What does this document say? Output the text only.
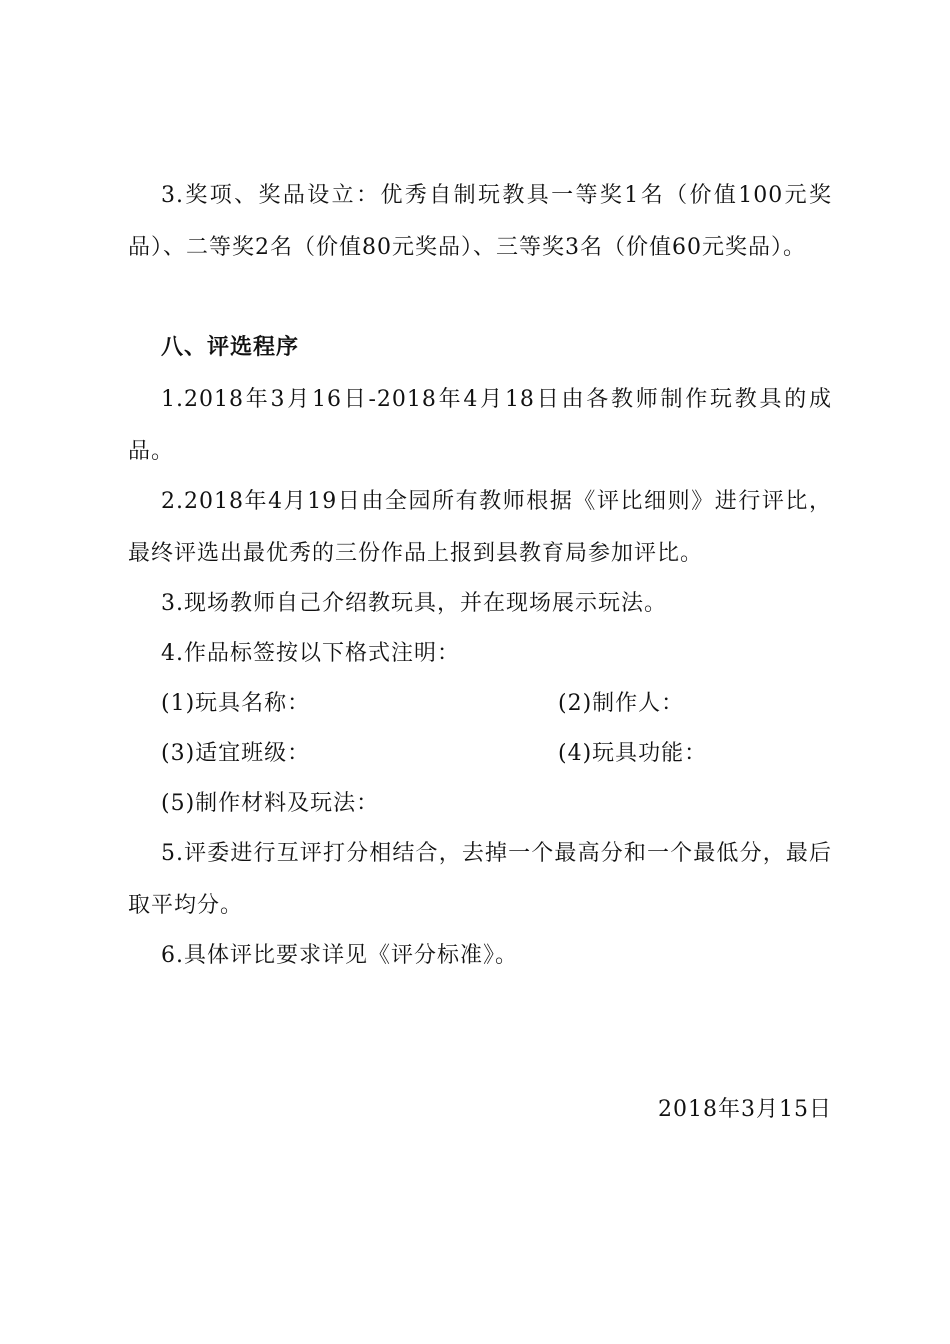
3.奖项、奖品设立：优秀自制玩教具一等奖1名（价值100元奖品）、二等奖2名（价值80元奖品）、三等奖3名（价值60元奖品）。

八、评选程序

1.2018年3月16日-2018年4月18日由各教师制作玩教具的成品。

2.2018年4月19日由全园所有教师根据《评比细则》进行评比，最终评选出最优秀的三份作品上报到县教育局参加评比。

3.现场教师自己介绍教玩具，并在现场展示玩法。

4.作品标签按以下格式注明：

(1)玩具名称：	(2)制作人：
(3)适宜班级：	(4)玩具功能：
(5)制作材料及玩法：

5.评委进行互评打分相结合，去掉一个最高分和一个最低分，最后取平均分。

6.具体评比要求详见《评分标准》。

2018年3月15日
